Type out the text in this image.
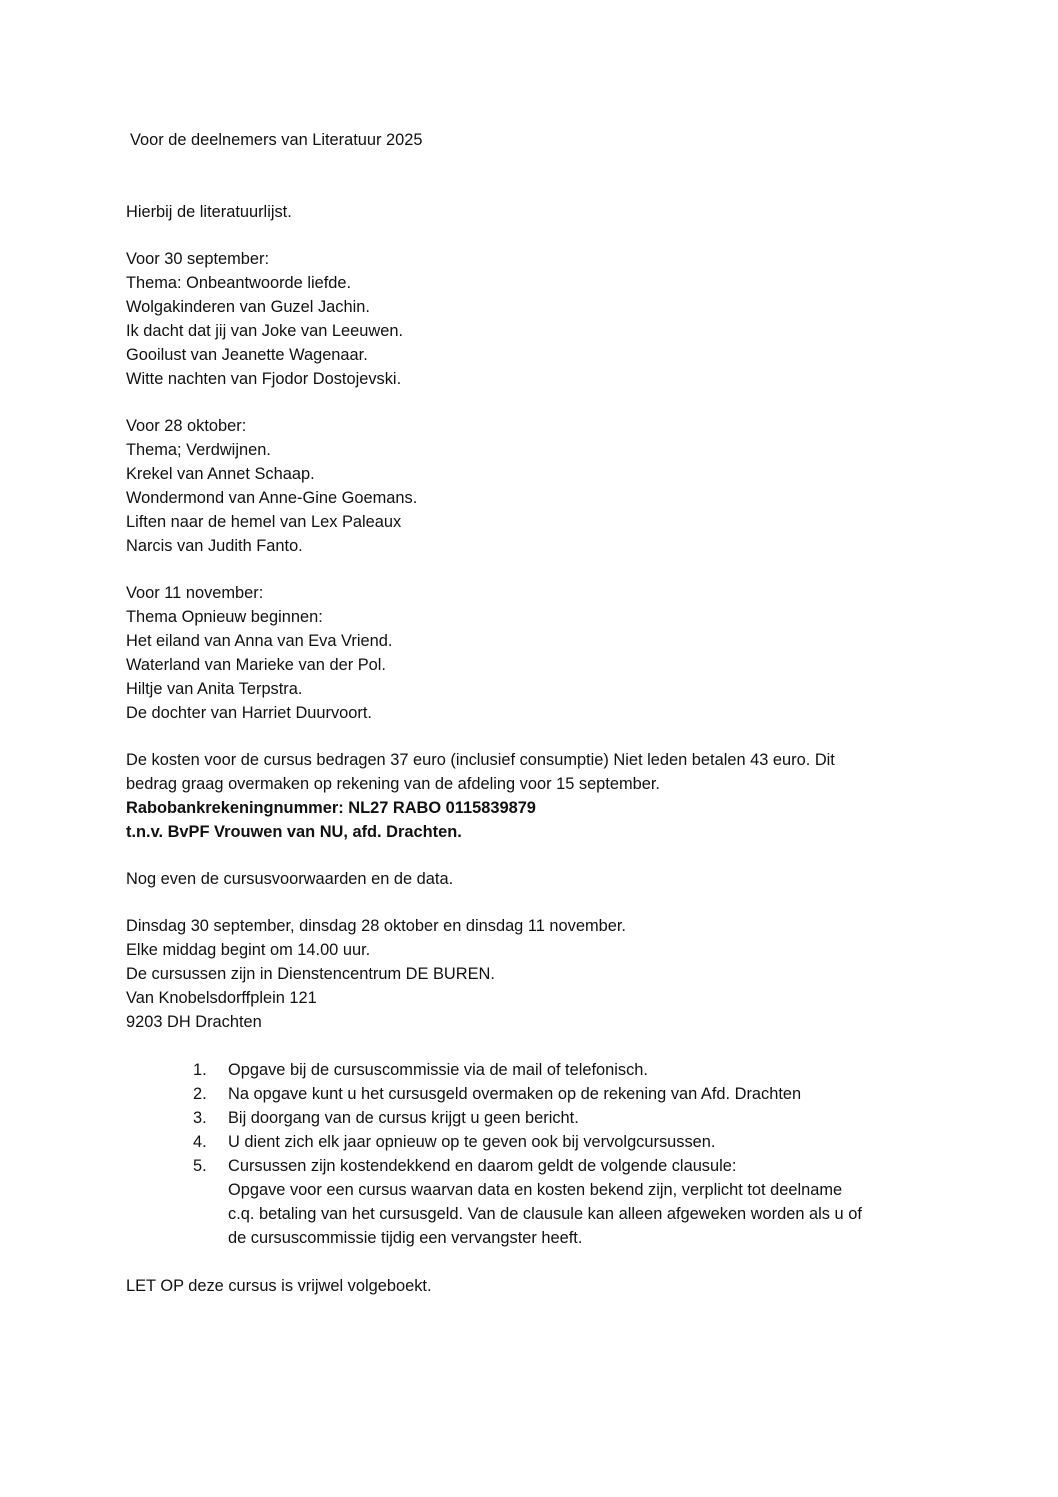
Voor de deelnemers van Literatuur 2025
Hierbij de literatuurlijst.
Voor 30 september:
Thema: Onbeantwoorde liefde.
Wolgakinderen van Guzel Jachin.
Ik dacht dat jij van Joke van Leeuwen.
Gooilust van Jeanette Wagenaar.
Witte nachten van Fjodor Dostojevski.
Voor 28 oktober:
Thema; Verdwijnen.
Krekel van Annet Schaap.
Wondermond van Anne-Gine Goemans.
Liften naar de hemel van Lex Paleaux
Narcis van Judith Fanto.
Voor 11 november:
Thema Opnieuw beginnen:
Het eiland van Anna van Eva Vriend.
Waterland van Marieke van der Pol.
Hiltje van Anita Terpstra.
De dochter van Harriet Duurvoort.
De kosten voor de cursus bedragen 37 euro (inclusief consumptie) Niet leden betalen 43 euro. Dit
bedrag graag overmaken op rekening van de afdeling voor 15 september.
Rabobankrekeningnummer: NL27 RABO 0115839879
t.n.v. BvPF Vrouwen van NU, afd. Drachten.
Nog even de cursusvoorwaarden en de data.
Dinsdag 30 september, dinsdag 28 oktober en dinsdag 11 november.
Elke middag begint om 14.00 uur.
De cursussen zijn in Dienstencentrum DE BUREN.
Van Knobelsdorffplein 121
9203 DH Drachten
1.	Opgave bij de cursuscommissie via de mail of telefonisch.
2.	Na opgave kunt u het cursusgeld overmaken op de rekening van Afd. Drachten
3.	Bij doorgang van de cursus krijgt u geen bericht.
4.	U dient zich elk jaar opnieuw op te geven ook bij vervolgcursussen.
5.	Cursussen zijn kostendekkend en daarom geldt de volgende clausule:
Opgave voor een cursus waarvan data en kosten bekend zijn, verplicht tot deelname
c.q. betaling van het cursusgeld. Van de clausule kan alleen afgeweken worden als u of
de cursuscommissie tijdig een vervangster heeft.
LET OP deze cursus is vrijwel volgeboekt.
